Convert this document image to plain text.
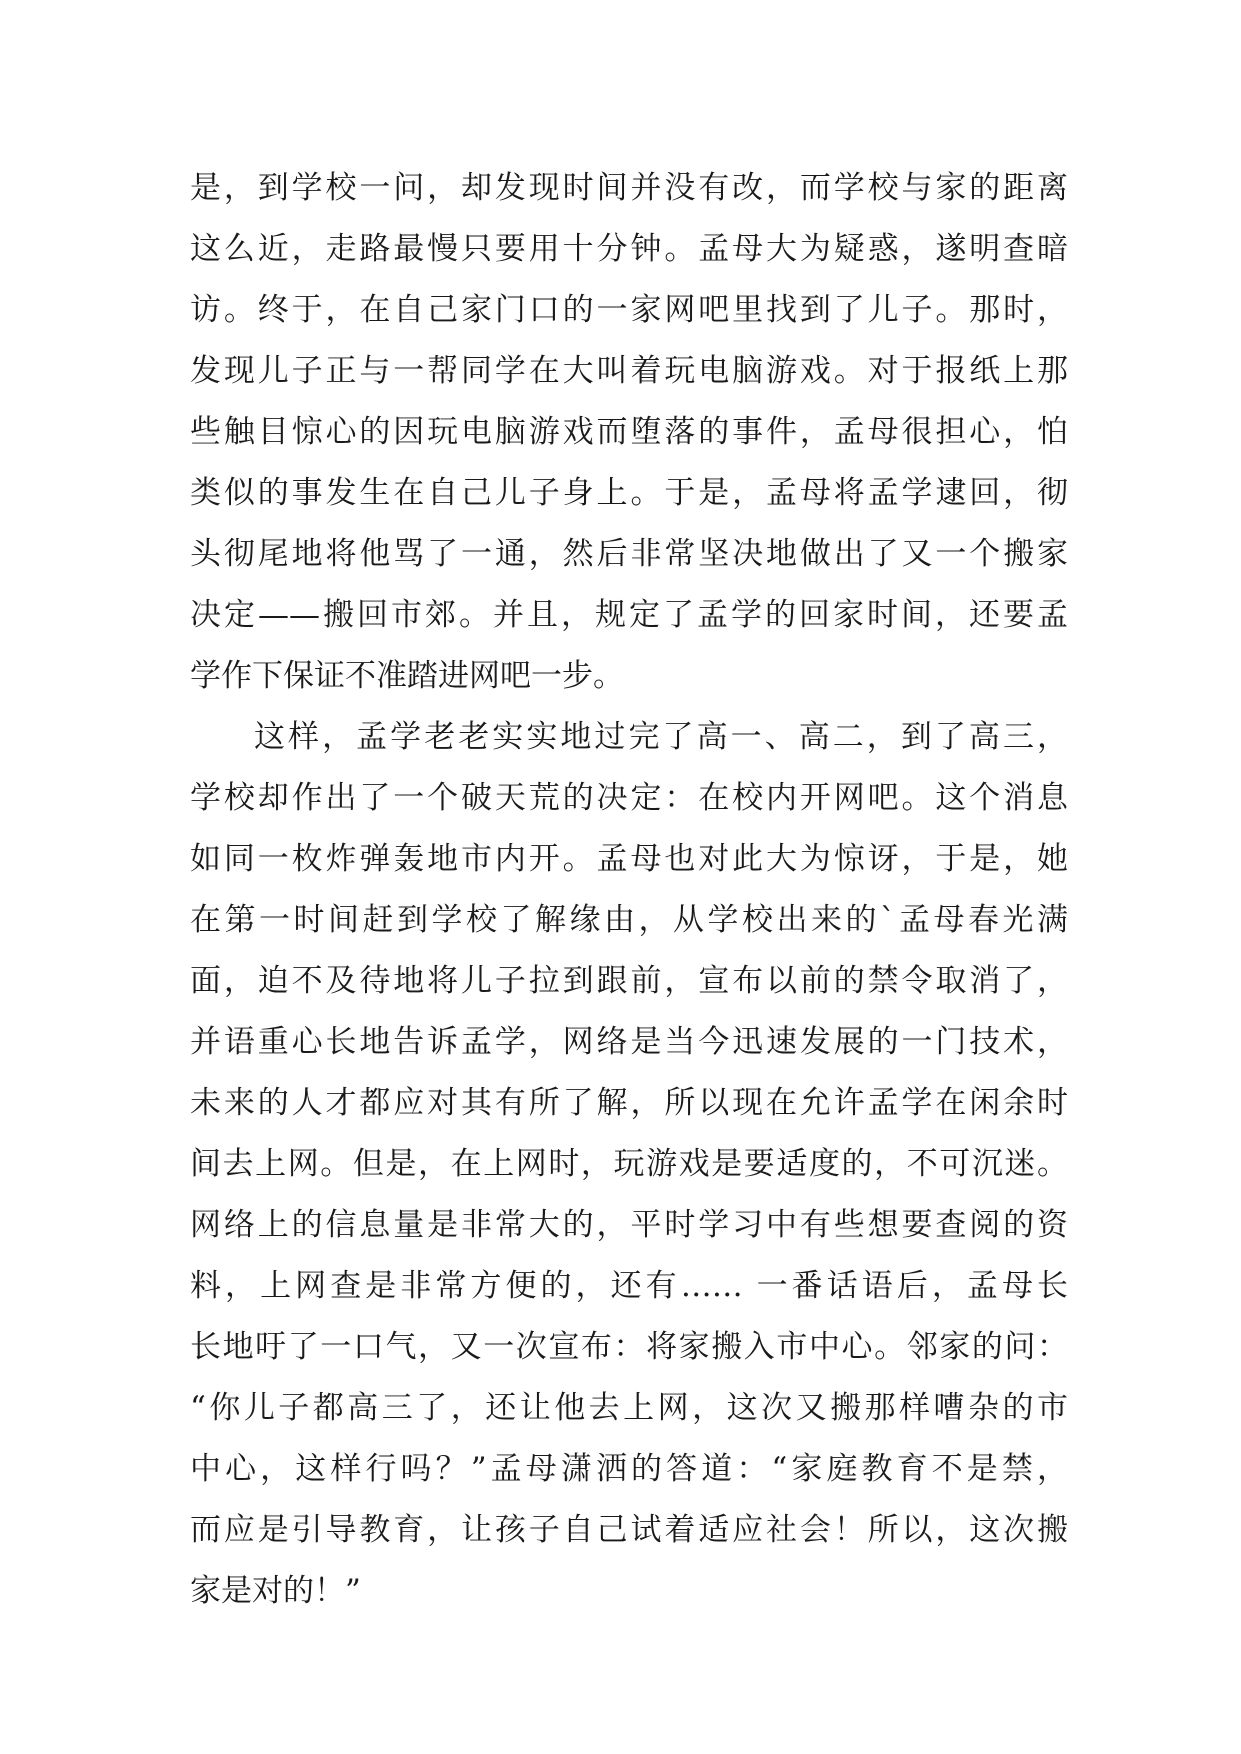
是，到学校一问，却发现时间并没有改，而学校与家的距离
这么近，走路最慢只要用十分钟。孟母大为疑惑，遂明查暗
访。终于，在自己家门口的一家网吧里找到了儿子。那时，
发现儿子正与一帮同学在大叫着玩电脑游戏。对于报纸上那
些触目惊心的因玩电脑游戏而堕落的事件，孟母很担心，怕
类似的事发生在自己儿子身上。于是，孟母将孟学逮回，彻
头彻尾地将他骂了一通，然后非常坚决地做出了又一个搬家
决定——搬回市郊。并且，规定了孟学的回家时间，还要孟
学作下保证不准踏进网吧一步。
这样，孟学老老实实地过完了高一、高二，到了高三，
学校却作出了一个破天荒的决定：在校内开网吧。这个消息
如同一枚炸弹轰地市内开。孟母也对此大为惊讶，于是，她
在第一时间赶到学校了解缘由，从学校出来的`孟母春光满
面，迫不及待地将儿子拉到跟前，宣布以前的禁令取消了，
并语重心长地告诉孟学，网络是当今迅速发展的一门技术，
未来的人才都应对其有所了解，所以现在允许孟学在闲余时
间去上网。但是，在上网时，玩游戏是要适度的，不可沉迷。
网络上的信息量是非常大的，平时学习中有些想要查阅的资
料，上网查是非常方便的，还有…… 一番话语后，孟母长
长地吁了一口气，又一次宣布：将家搬入市中心。邻家的问：
“你儿子都高三了，还让他去上网，这次又搬那样嘈杂的市
中心，这样行吗？”孟母潇洒的答道：“家庭教育不是禁，
而应是引导教育，让孩子自己试着适应社会！所以，这次搬
家是对的！”
